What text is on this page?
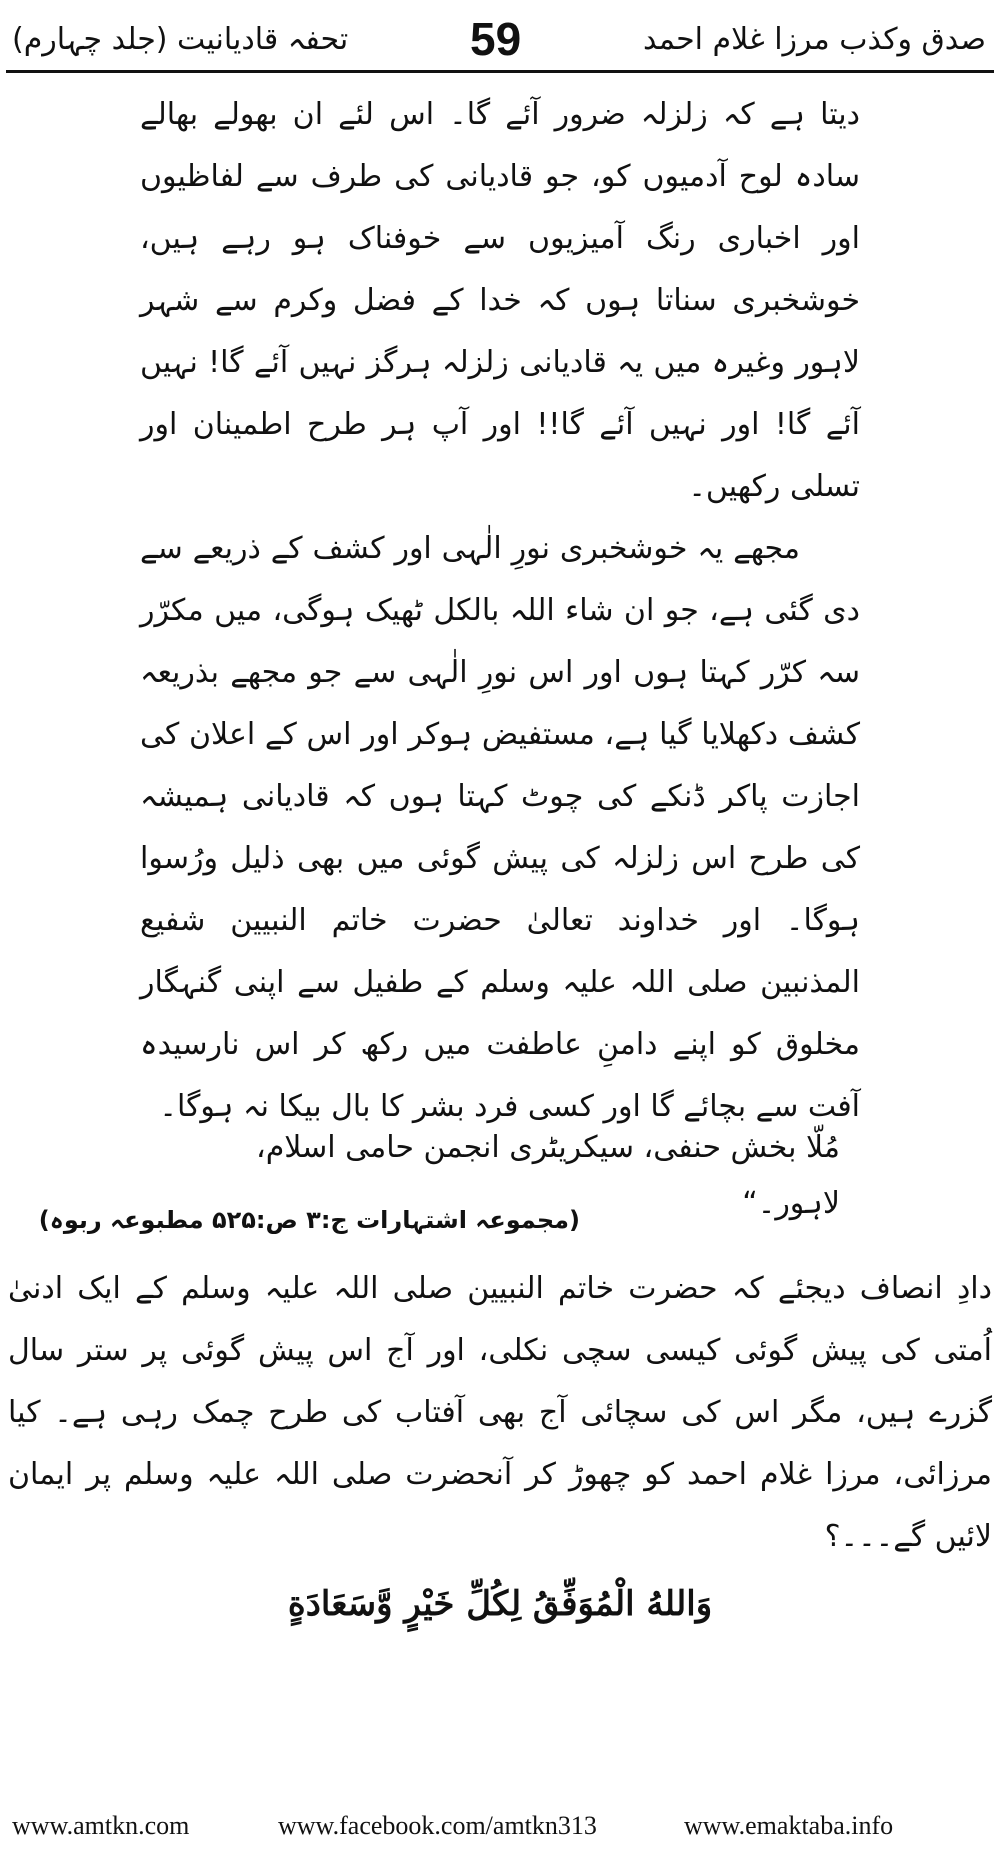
تحفہ قادیانیت (جلد چہارم)	59	صدق وکذب مرزا غلام احمد

دیتا ہے کہ زلزلہ ضرور آئے گا۔ اس لئے ان بھولے بھالے سادہ لوح آدمیوں کو، جو قادیانی کی طرف سے لفاظیوں اور اخباری رنگ آمیزیوں سے خوفناک ہو رہے ہیں، خوشخبری سناتا ہوں کہ خدا کے فضل وکرم سے شہر لاہور وغیرہ میں یہ قادیانی زلزلہ ہرگز نہیں آئے گا! نہیں آئے گا! اور نہیں آئے گا!! اور آپ ہر طرح اطمینان اور تسلی رکھیں۔

مجھے یہ خوشخبری نورِ الٰہی اور کشف کے ذریعے سے دی گئی ہے، جو ان شاء اللہ بالکل ٹھیک ہوگی، میں مکرّر سہ کرّر کہتا ہوں اور اس نورِ الٰہی سے جو مجھے بذریعہ کشف دکھلایا گیا ہے، مستفیض ہوکر اور اس کے اعلان کی اجازت پاکر ڈنکے کی چوٹ کہتا ہوں کہ قادیانی ہمیشہ کی طرح اس زلزلہ کی پیش گوئی میں بھی ذلیل ورُسوا ہوگا۔ اور خداوند تعالیٰ حضرت خاتم النبیین شفیع المذنبین صلی اللہ علیہ وسلم کے طفیل سے اپنی گنہگار مخلوق کو اپنے دامنِ عاطفت میں رکھ کر اس نارسیدہ آفت سے بچائے گا اور کسی فرد بشر کا بال بیکا نہ ہوگا۔

مُلّا بخش حنفی، سیکریٹری انجمن حامی اسلام، لاہور۔“
(مجموعہ اشتہارات ج:۳ ص:۵۲۵ مطبوعہ ربوہ)

دادِ انصاف دیجئے کہ حضرت خاتم النبیین صلی اللہ علیہ وسلم کے ایک ادنیٰ اُمتی کی پیش گوئی کیسی سچی نکلی، اور آج اس پیش گوئی پر ستر سال گزرے ہیں، مگر اس کی سچائی آج بھی آفتاب کی طرح چمک رہی ہے۔ کیا مرزائی، مرزا غلام احمد کو چھوڑ کر آنحضرت صلی اللہ علیہ وسلم پر ایمان لائیں گے۔۔۔؟

وَاللهُ الْمُوَفِّقُ لِكُلِّ خَيْرٍ وَّسَعَادَةٍ
www.amtkn.com	www.facebook.com/amtkn313	www.emaktaba.info
